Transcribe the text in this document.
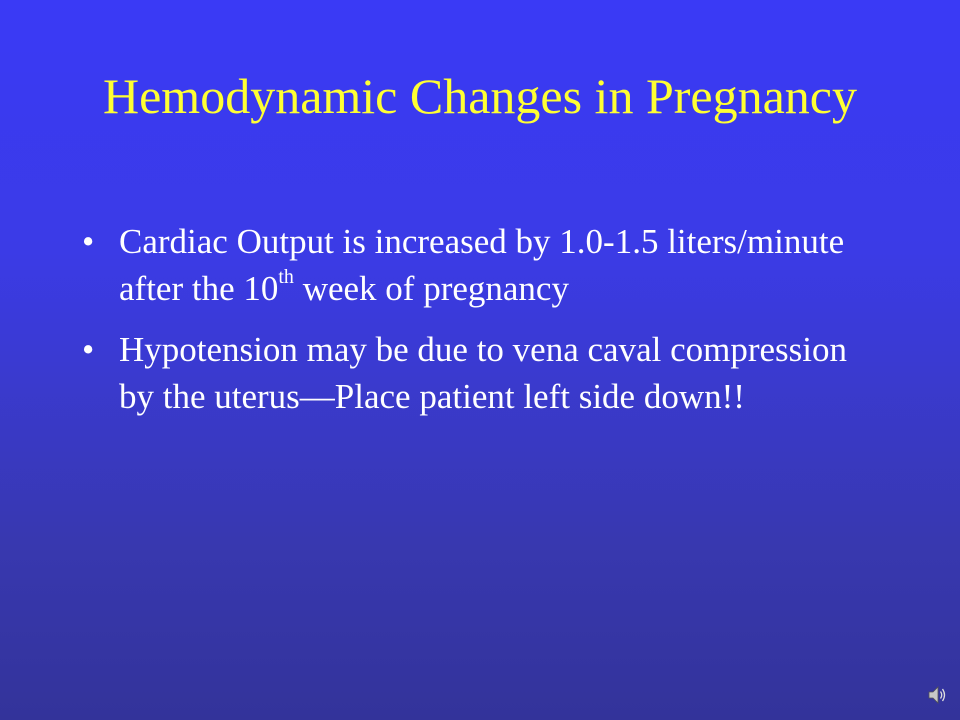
Hemodynamic Changes in Pregnancy
• Cardiac Output is increased by 1.0-1.5 liters/minute after the 10th week of pregnancy
• Hypotension may be due to vena caval compression by the uterus—Place patient left side down!!
